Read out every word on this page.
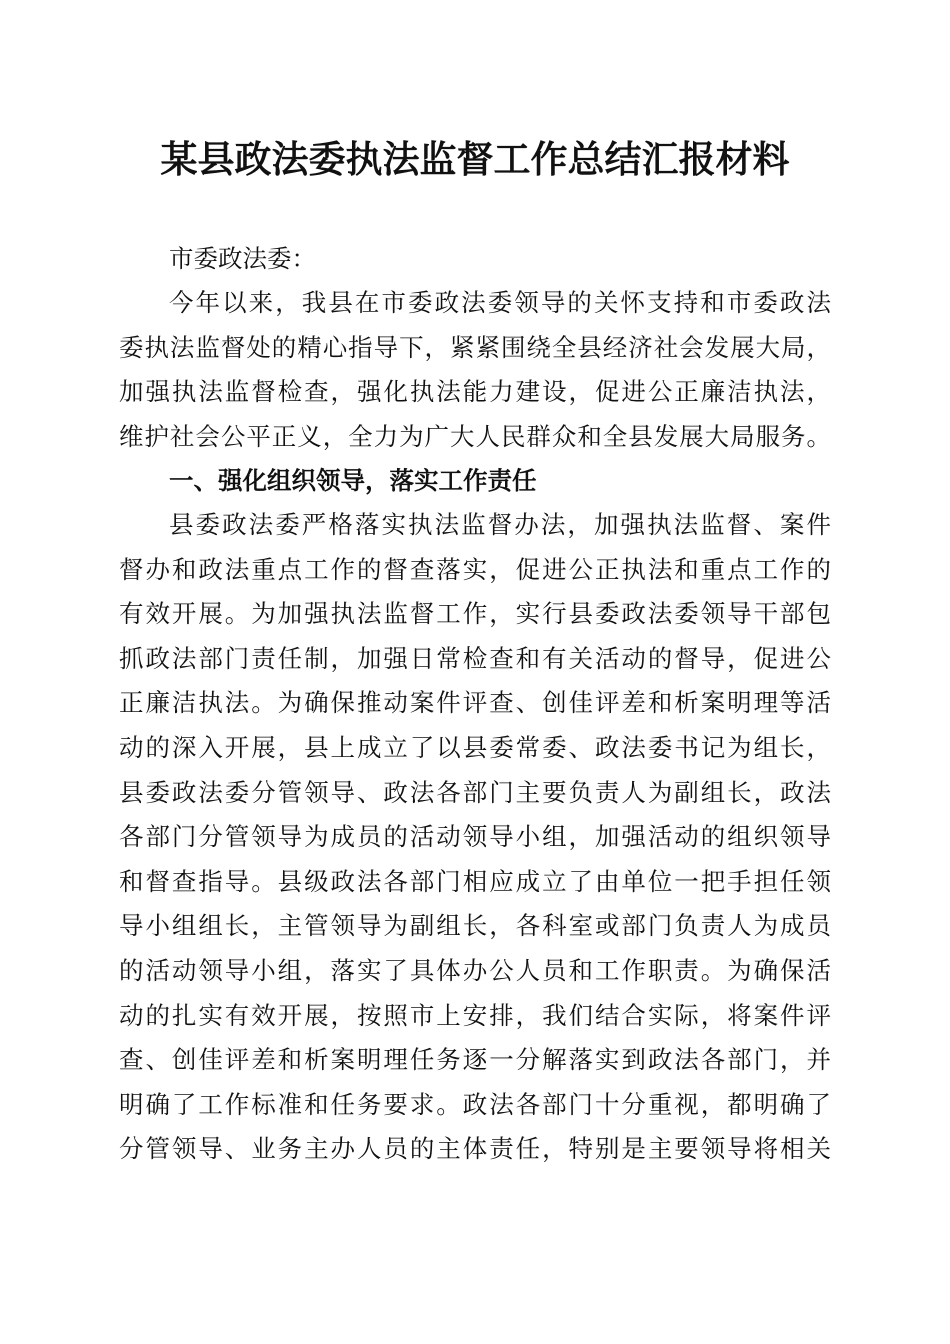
某县政法委执法监督工作总结汇报材料
市委政法委：
今年以来，我县在市委政法委领导的关怀支持和市委政法
委执法监督处的精心指导下，紧紧围绕全县经济社会发展大局，
加强执法监督检查，强化执法能力建设，促进公正廉洁执法，
维护社会公平正义，全力为广大人民群众和全县发展大局服务。
一、强化组织领导，落实工作责任
县委政法委严格落实执法监督办法，加强执法监督、案件
督办和政法重点工作的督查落实，促进公正执法和重点工作的
有效开展。为加强执法监督工作，实行县委政法委领导干部包
抓政法部门责任制，加强日常检查和有关活动的督导，促进公
正廉洁执法。为确保推动案件评查、创佳评差和析案明理等活
动的深入开展，县上成立了以县委常委、政法委书记为组长，
县委政法委分管领导、政法各部门主要负责人为副组长，政法
各部门分管领导为成员的活动领导小组，加强活动的组织领导
和督查指导。县级政法各部门相应成立了由单位一把手担任领
导小组组长，主管领导为副组长，各科室或部门负责人为成员
的活动领导小组，落实了具体办公人员和工作职责。为确保活
动的扎实有效开展，按照市上安排，我们结合实际，将案件评
查、创佳评差和析案明理任务逐一分解落实到政法各部门，并
明确了工作标准和任务要求。政法各部门十分重视，都明确了
分管领导、业务主办人员的主体责任，特别是主要领导将相关
